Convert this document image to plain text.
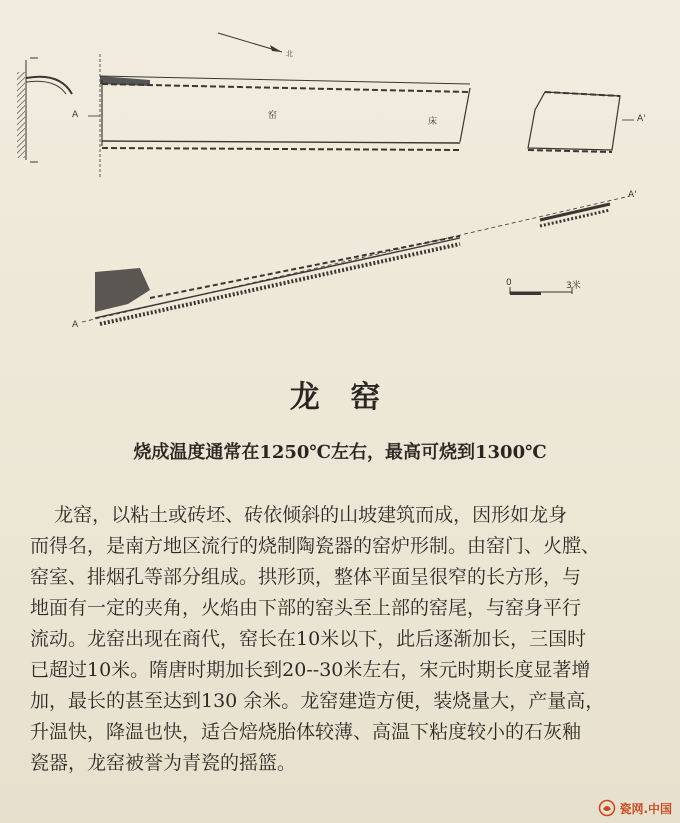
北
A	A'
A
A'
窑
床
0	3米
龙 窑
烧成温度通常在1250℃左右，最高可烧到1300℃
龙窑，以粘土或砖坯、砖依倾斜的山坡建筑而成，因形如龙身
而得名，是南方地区流行的烧制陶瓷器的窑炉形制。由窑门、火膛、
窑室、排烟孔等部分组成。拱形顶，整体平面呈很窄的长方形，与
地面有一定的夹角，火焰由下部的窑头至上部的窑尾，与窑身平行
流动。龙窑出现在商代，窑长在10米以下，此后逐渐加长，三国时
已超过10米。隋唐时期加长到20--30米左右，宋元时期长度显著增
加，最长的甚至达到130 余米。龙窑建造方便，装烧量大，产量高，
升温快，降温也快，适合焙烧胎体较薄、高温下粘度较小的石灰釉
瓷器，龙窑被誉为青瓷的摇篮。
瓷网.中国
